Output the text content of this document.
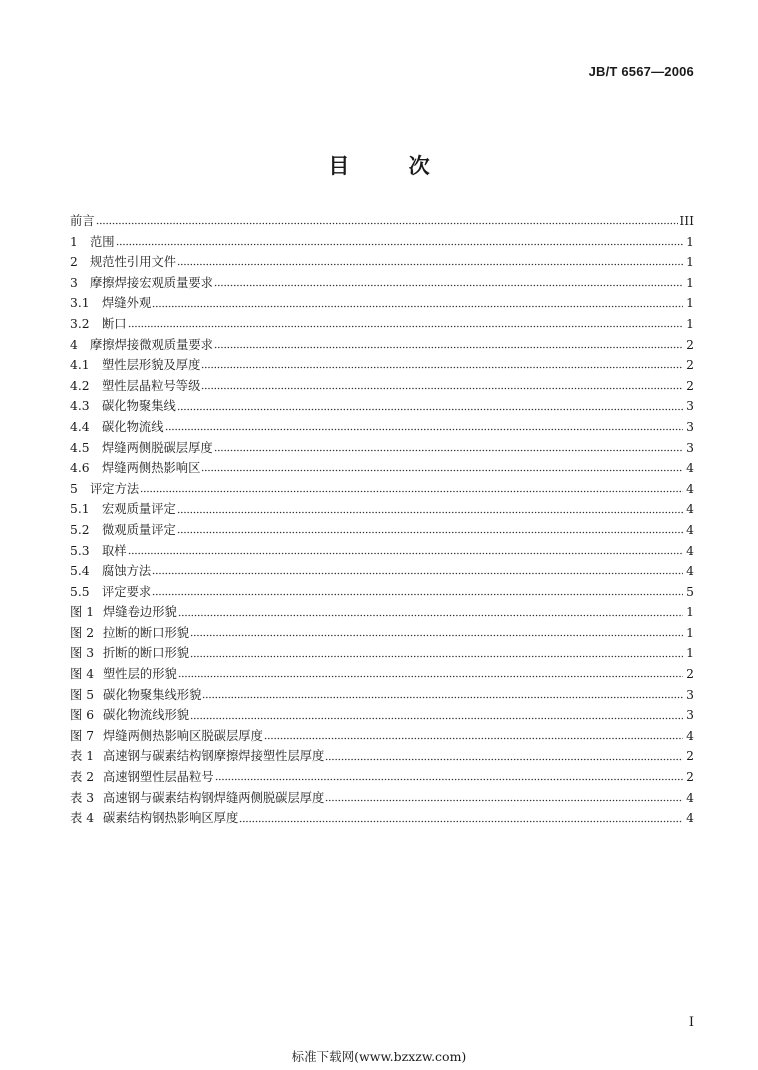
JB/T 6567—2006
目 次
前言	III
1 范围	1
2 规范性引用文件	1
3 摩擦焊接宏观质量要求	1
3.1	焊缝外观	1
3.2	断口	1
4 摩擦焊接微观质量要求	2
4.1	塑性层形貌及厚度	2
4.2	塑性层晶粒号等级	2
4.3	碳化物聚集线	3
4.4	碳化物流线	3
4.5	焊缝两侧脱碳层厚度	3
4.6	焊缝两侧热影响区	4
5 评定方法	4
5.1	宏观质量评定	4
5.2	微观质量评定	4
5.3	取样	4
5.4	腐蚀方法	4
5.5	评定要求	5
图 1 焊缝卷边形貌	1
图 2 拉断的断口形貌	1
图 3 折断的断口形貌	1
图 4 塑性层的形貌	2
图 5 碳化物聚集线形貌	3
图 6 碳化物流线形貌	3
图 7 焊缝两侧热影响区脱碳层厚度	4
表 1 高速钢与碳素结构钢摩擦焊接塑性层厚度	2
表 2 高速钢塑性层晶粒号	2
表 3 高速钢与碳素结构钢焊缝两侧脱碳层厚度	4
表 4 碳素结构钢热影响区厚度	4
I
标准下载网(www.bzxzw.com)
